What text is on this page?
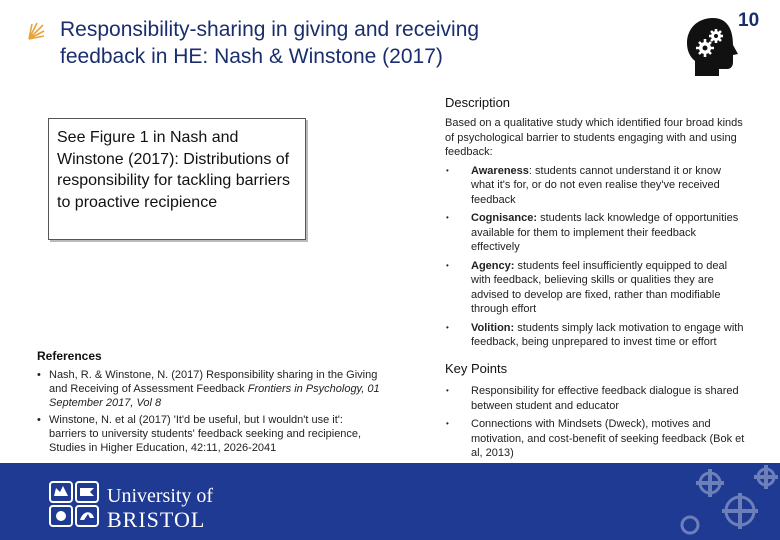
Responsibility-sharing in giving and receiving
feedback in HE: Nash & Winstone (2017)
10

See Figure 1 in Nash and Winstone (2017): Distributions of responsibility for tackling barriers to proactive recipience

Description

Based on a qualitative study which identified four broad kinds of psychological barrier to students engaging with and using feedback:

• Awareness: students cannot understand it or know what it's for, or do not even realise they've received feedback
• Cognisance: students lack knowledge of opportunities available for them to implement their feedback effectively
• Agency: students feel insufficiently equipped to deal with feedback, believing skills or qualities they are advised to develop are fixed, rather than modifiable through effort
• Volition: students simply lack motivation to engage with feedback, being unprepared to invest time or effort
Key Points
• Responsibility for effective feedback dialogue is shared between student and educator
• Connections with Mindsets (Dweck), motives and motivation, and cost-benefit of seeking feedback (Bok et al, 2013)
References
• Nash, R. & Winstone, N. (2017) Responsibility sharing in the Giving and Receiving of Assessment Feedback Frontiers in Psychology, 01 September 2017, Vol 8
• Winstone, N. et al (2017) 'It'd be useful, but I wouldn't use it': barriers to university students' feedback seeking and recipience, Studies in Higher Education, 42:11, 2026-2041
University of
BRISTOL
